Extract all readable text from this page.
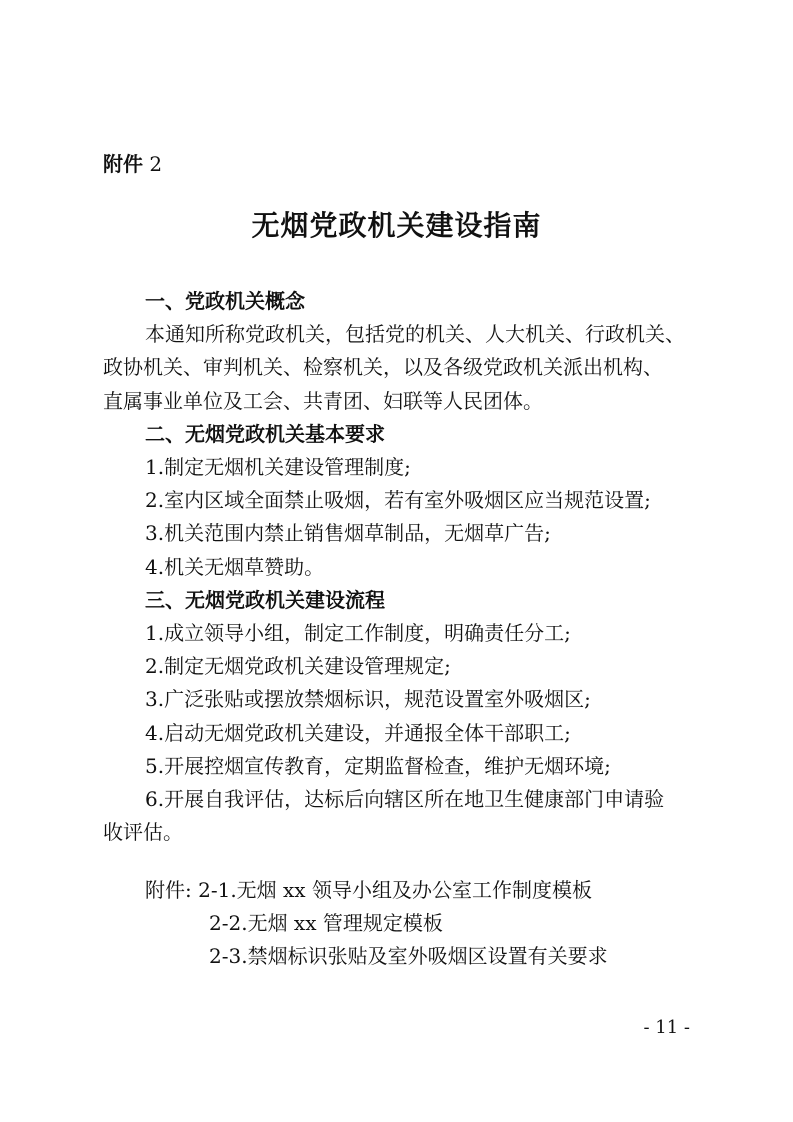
附件 2
无烟党政机关建设指南
一、党政机关概念
本通知所称党政机关，包括党的机关、人大机关、行政机关、
政协机关、审判机关、检察机关，以及各级党政机关派出机构、
直属事业单位及工会、共青团、妇联等人民团体。
二、无烟党政机关基本要求
1.制定无烟机关建设管理制度;
2.室内区域全面禁止吸烟，若有室外吸烟区应当规范设置;
3.机关范围内禁止销售烟草制品，无烟草广告;
4.机关无烟草赞助。
三、无烟党政机关建设流程
1.成立领导小组，制定工作制度，明确责任分工;
2.制定无烟党政机关建设管理规定;
3.广泛张贴或摆放禁烟标识，规范设置室外吸烟区;
4.启动无烟党政机关建设，并通报全体干部职工;
5.开展控烟宣传教育，定期监督检查，维护无烟环境;
6.开展自我评估，达标后向辖区所在地卫生健康部门申请验
收评估。
附件: 2-1.无烟 xx 领导小组及办公室工作制度模板
2-2.无烟 xx 管理规定模板
2-3.禁烟标识张贴及室外吸烟区设置有关要求
- 11 -
